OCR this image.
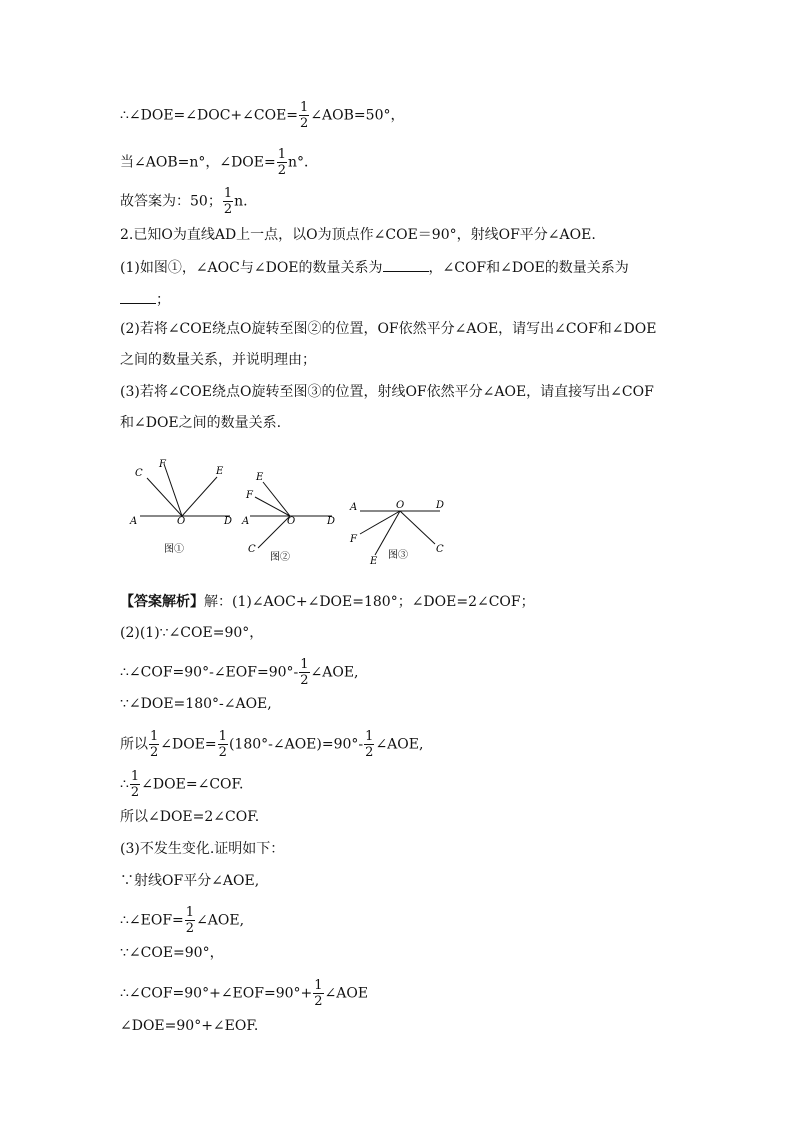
∴∠DOE=∠DOC+∠COE= $\frac{1}{2}$ ∠AOB=50°，
当∠AOB=n°，∠DOE= $\frac{1}{2} n^\circ$．
故答案为：50； $\frac{1}{2} n$.
2.已知O为直线AD上一点，以O为顶点作∠COE＝90°，射线OF平分∠AOE.
(1)如图①，∠AOC与∠DOE的数量关系为	，∠COF和∠DOE的数量关系为
；
(2)若将∠COE绕点O旋转至图②的位置，OF依然平分∠AOE，请写出∠COF和∠DOE
之间的数量关系，并说明理由；
(3)若将∠COE绕点O旋转至图③的位置，射线OF依然平分∠AOE，请直接写出∠COF
和∠DOE之间的数量关系.
C
F
E
A	O	D
图①
E
F
A	O	D
C
图②
A	O	D
F
E
C
图③
【答案解析】解：(1)∠AOC+∠DOE=180°；∠DOE=2∠COF；
(2)(1)∵∠COE=90°，
∴∠COF=90°-∠EOF=90°- $\frac{1}{2}$ ∠AOE,
∵∠DOE=180°-∠AOE,
所以 $\frac{1}{2}$ ∠DOE= $\frac{1}{2}$ (180°-∠AOE)=90°- $\frac{1}{2}$ ∠AOE,
∴ $\frac{1}{2}$ ∠DOE=∠COF.
所以∠DOE=2∠COF.
(3)不发生变化.证明如下：
∵射线OF平分∠AOE,
∴∠EOF= $\frac{1}{2}$ ∠AOE,
∵∠COE=90°，
∴∠COF=90°+∠EOF=90°+ $\frac{1}{2}$ ∠AOE
∠DOE=90°+∠EOF.
